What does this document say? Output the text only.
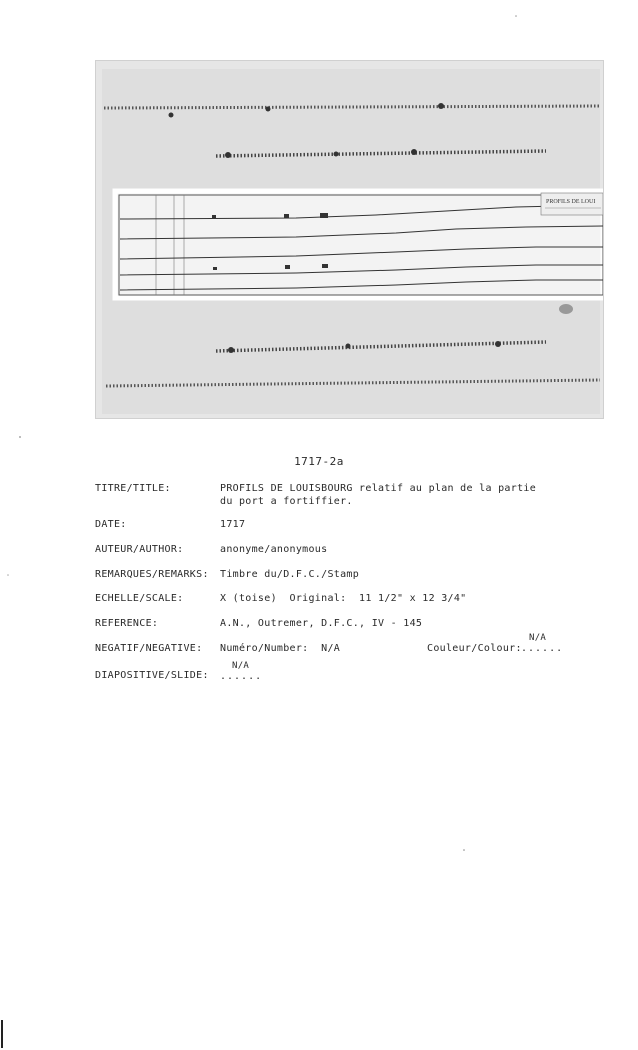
PROFILS DE LOUI
1717-2a

TITRE/TITLE:

	PROFILS DE LOUISBOURG relatif au plan de la partie

du port a fortiffier.

DATE:

	1717

AUTEUR/AUTHOR:

	anonyme/anonymous

REMARQUES/REMARKS:

Timbre du/D.F.C./Stamp

ECHELLE/SCALE:

	X (toise)  Original:  11 1/2" x 12 3/4"

REFERENCE:

	A.N., Outremer, D.F.C., IV - 145

NEGATIF/NEGATIVE:

Numéro/Number:  N/A

	Couleur/Colour:

......

N/A

DIAPOSITIVE/SLIDE:

......

N/A
